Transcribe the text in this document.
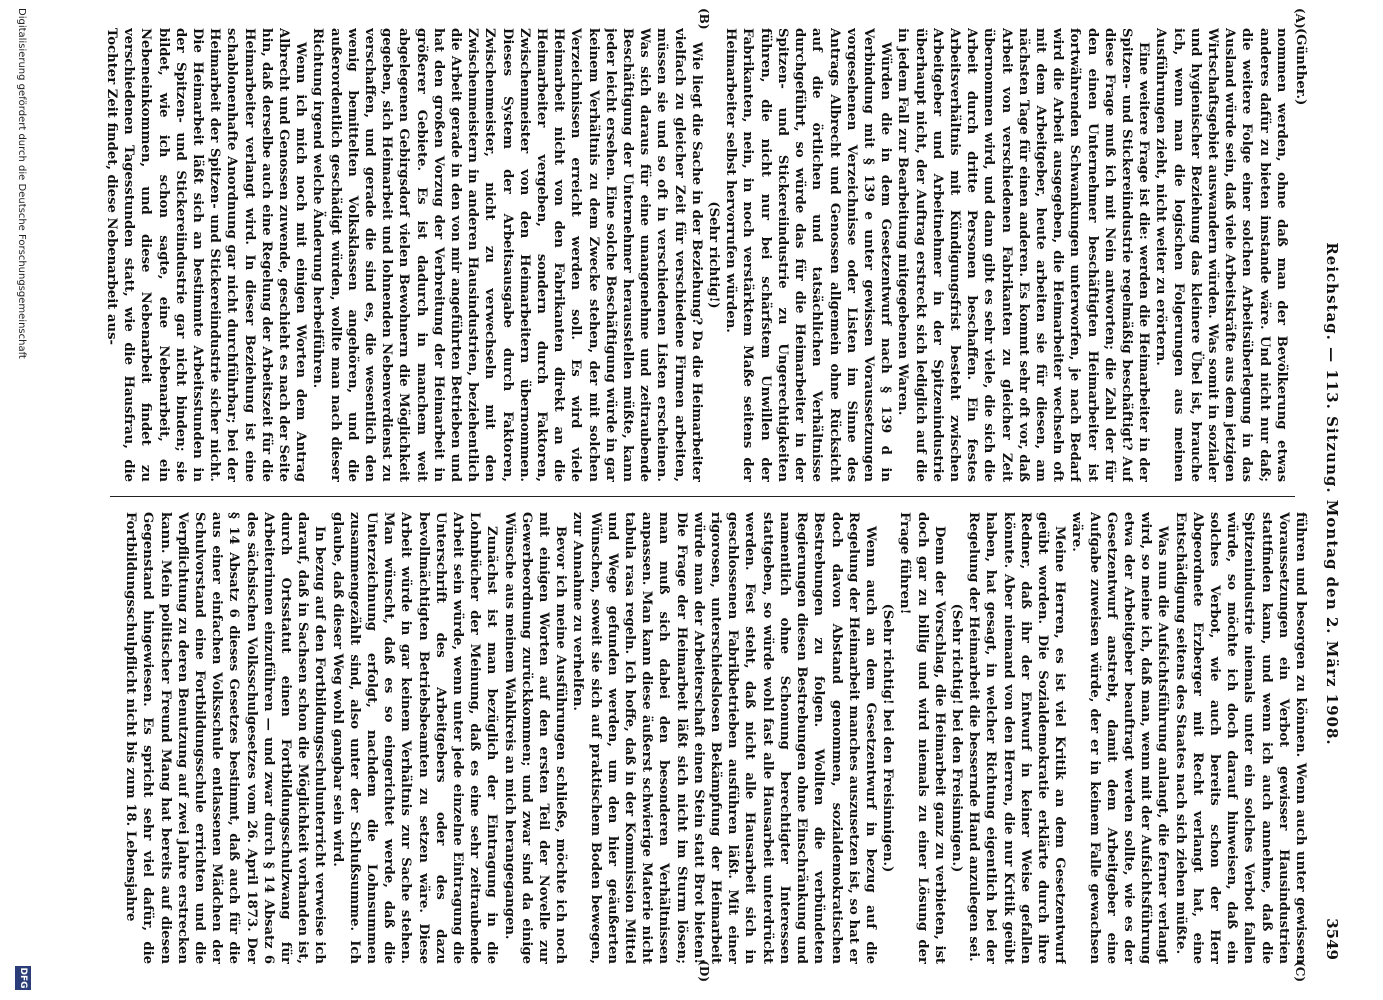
Reichstag. — 113. Sitzung. Montag den 2. März 1908.
3549
(A)
(B)
(C)
(D)

(Günther.)

nommen werden, ohne daß man der Bevölkerung etwas anderes dafür zu bieten imstande wäre. Und nicht nur daß; die weitere Folge einer solchen Arbeitsüberlegung in das Ausland würde sein, daß viele Arbeitskräfte aus dem jetzigen Wirtschaftsgebiet auswandern würden. Was somit in sozialer und hygienischer Beziehung das kleinere Übel ist, brauche ich, wenn man die logischen Folgerungen aus meinen Ausführungen zieht, nicht weiter zu erörtern.

Eine weitere Frage ist die: werden die Heimarbeiter in der Spitzen- und Stickereiindustrie regelmäßig beschäftigt? Auf diese Frage muß ich mit Nein antworten; die Zahl der für den einen Unternehmer beschäftigten Heimarbeiter ist fortwährenden Schwankungen unterworfen, je nach Bedarf wird die Arbeit ausgegeben, die Heimarbeiter wechseln oft mit dem Arbeitgeber, heute arbeiten sie für diesen, am nächsten Tage für einen anderen. Es kommt sehr oft vor, daß Arbeit von verschiedenen Fabrikanten zu gleicher Zeit übernommen wird, und dann gibt es sehr viele, die sich die Arbeit durch dritte Personen beschaffen. Ein festes Arbeitsverhältnis mit Kündigungsfrist besteht zwischen Arbeitgeber und Arbeitnehmer in der Spitzenindustrie überhaupt nicht, der Auftrag erstreckt sich lediglich auf die in jedem Fall zur Bearbeitung mitgegebenen Waren.

Würden die in dem Gesetzentwurf nach § 139 d in Verbindung mit § 139 e unter gewissen Voraussetzungen vorgesehenen Verzeichnisse oder Listen im Sinne des Antrags Albrecht und Genossen allgemein ohne Rücksicht auf die örtlichen und tatsächlichen Verhältnisse durchgeführt, so würde das für die Heimarbeiter in der Spitzen- und Stickereiindustrie zu Ungerechtigkeiten führen, die nicht nur bei schärfstem Unwillen der Fabrikanten, nein, in noch verstärktem Maße seitens der Heimarbeiter selbst hervorrufen würden.

(Sehr richtig!)

Wie liegt die Sache in der Beziehung? Da die Heimarbeiter vielfach zu gleicher Zeit für verschiedene Firmen arbeiten, müssen sie und so oft in verschiedenen Listen erscheinen. Was sich daraus für eine unangenehme und zeitraubende Beschäftigung der Unternehmer herausstellen müßte, kann jeder leicht ersehen. Eine solche Beschäftigung würde in gar keinem Verhältnis zu dem Zwecke stehen, der mit solchen Verzeichnissen erreicht werden soll. Es wird viele Heimarbeit nicht von den Fabrikanten direkt an die Heimarbeiter vergeben, sondern durch Faktoren, Zwischenmeister von den Heimarbeitern übernommen. Dieses System der Arbeitsausgabe durch Faktoren, Zwischenmeister, nicht zu verwechseln mit den Zwischenmeistern in anderen Hausindustrien, beziehentlich die Arbeit gerade in den von mir angeführten Betrieben und hat den großen Vorzug der Verbreitung der Heimarbeit in größerer Gebiete. Es ist dadurch in manchem weit abgelegenen Gebirgsdorf vielen Bewohnern die Möglichkeit gegeben, sich Heimarbeit und lohnenden Nebenverdienst zu verschaffen, und gerade die sind es, die wesentlich den wenig bemittelten Volksklassen angehören, und die außerordentlich geschädigt würden, wollte man nach dieser Richtung irgend welche Änderung herbeiführen.

Wenn ich mich noch mit einigen Worten dem Antrag Albrecht und Genossen zuwende, geschieht es nach der Seite hin, daß derselbe auch eine Regelung der Arbeitszeit für die Heimarbeiter verlangt wird. In dieser Beziehung ist eine schablonenhafte Anordnung gar nicht durchführbar; bei der Heimarbeit der Spitzen- und Stickereiindustrie sicher nicht. Die Heimarbeit läßt sich an bestimmte Arbeitsstunden in der Spitzen- und Stickereiindustrie gar nicht binden; sie bildet, wie ich schon sagte, eine Nebenarbeit, ein Nebeneinkommen, und diese Nebenarbeit findet zu verschiedenen Tagesstunden statt, wie die Hausfrau, die Tochter Zeit findet, diese Nebenarbeit aus-

führen und besorgen zu können. Wenn auch unter gewissen Voraussetzungen ein Verbot gewisser Hausindustrien stattfinden kann, und wenn ich auch annehme, daß die Spitzenindustrie niemals unter ein solches Verbot fallen würde, so möchte ich doch darauf hinweisen, daß ein solches Verbot, wie auch bereits schon der Herr Abgeordnete Erzberger mit Recht verlangt hat, eine Entschädigung seitens des Staates nach sich ziehen müßte.

Was nun die Aufsichtsführung anlangt, die ferner verlangt wird, so meine ich, daß man, wenn mit der Aufsichtsführung etwa der Arbeitgeber beauftragt werden sollte, wie es der Gesetzentwurf anstrebt, damit dem Arbeitgeber eine Aufgabe zuweisen würde, der er in keinem Falle gewachsen wäre.

Meine Herren, es ist viel Kritik an dem Gesetzentwurf geübt worden. Die Sozialdemokratie erklärte durch ihre Redner, daß ihr der Entwurf in keiner Weise gefallen könnte. Aber niemand von den Herren, die nur Kritik geübt haben, hat gesagt, in welcher Richtung eigentlich bei der Regelung der Heimarbeit die bessernde Hand anzulegen sei.

(Sehr richtig! bei den Freisinnigen.)

Denn der Vorschlag, die Heimarbeit ganz zu verbieten, ist doch gar zu billig und wird niemals zu einer Lösung der Frage führen!

(Sehr richtig! bei den Freisinnigen.)

Wenn auch an dem Gesetzentwurf in bezug auf die Regelung der Heimarbeit manches auszusetzen ist, so hat er doch davon Abstand genommen, sozialdemokratischen Bestrebungen zu folgen. Wollten die verbündeten Regierungen diesen Bestrebungen ohne Einschränkung und namentlich ohne Schonung berechtigter Interessen stattgeben, so würde wohl fast alle Hausarbeit unterdrückt werden. Fest steht, daß nicht alle Hausarbeit sich in geschlossenen Fabrikbetrieben ausführen läßt. Mit einer rigorosen, unterschiedslosen Bekämpfung der Heimarbeit würde man der Arbeiterschaft einen Stein statt Brot bieten! Die Frage der Heimarbeit läßt sich nicht im Sturm lösen; man muß sich dabei den besonderen Verhältnissen anpassen. Man kann diese äußerst schwierige Materie nicht tabula rasa regeln. Ich hoffe, daß in der Kommission Mittel und Wege gefunden werden, um den hier geäußerten Wünschen, soweit sie sich auf praktischem Boden bewegen, zur Annahme zu verhelfen.

Bevor ich meine Ausführungen schließe, möchte ich noch mit einigen Worten auf den ersten Teil der Novelle zur Gewerbeordnung zurückkommen; und zwar sind da einige Wünsche aus meinem Wahlkreis an mich herangegangen.

Zunächst ist man bezüglich der Eintragung in die Lohnbücher der Meinung, daß es eine sehr zeitraubende Arbeit sein würde, wenn unter jede einzelne Eintragung die Unterschrift des Arbeitgebers oder des dazu bevollmächtigten Betriebsbeamten zu setzen wäre. Diese Arbeit würde in gar keinem Verhältnis zur Sache stehen. Man wünscht, daß es so eingerichtet werde, daß die Unterzeichnung erfolgt, nachdem die Lohnsummen zusammengezählt sind, also unter der Schlußsumme. Ich glaube, daß dieser Weg wohl gangbar sein wird.

In bezug auf den Fortbildungsschulunterricht verweise ich darauf, daß in Sachsen schon die Möglichkeit vorhanden ist, durch Ortsstatut einen Fortbildungsschulzwang für Arbeiterinnen einzuführen — und zwar durch § 14 Absatz 6 des sächsischen Volksschulgesetzes vom 26. April 1873. Der § 14 Absatz 6 dieses Gesetzes bestimmt, daß auch für die aus einer einfachen Volksschule entlassenen Mädchen der Schulvorstand eine Fortbildungsschule errichten und die Verpflichtung zu deren Benutzung auf zwei Jahre erstrecken kann. Mein politischer Freund Mang hat bereits auf diesen Gegenstand hingewiesen. Es spricht sehr viel dafür, die Fortbildungsschulpflicht nicht bis zum 18. Lebensjahre

Digitalisierung gefördert durch die Deutsche Forschungsgemeinschaft
DFG
